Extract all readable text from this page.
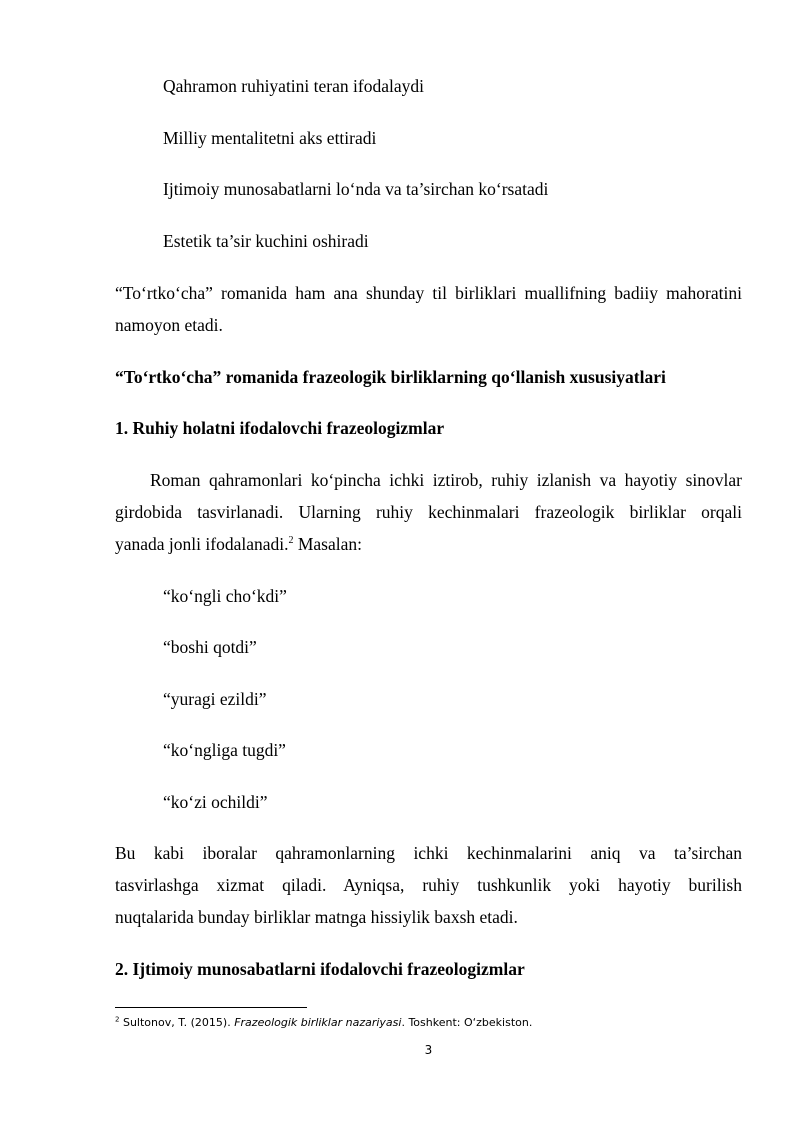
Qahramon ruhiyatini teran ifodalaydi
Milliy mentalitetni aks ettiradi
Ijtimoiy munosabatlarni lo‘nda va ta’sirchan ko‘rsatadi
Estetik ta’sir kuchini oshiradi
“To‘rtko‘cha” romanida ham ana shunday til birliklari muallifning badiiy mahoratini
namoyon etadi.
“To‘rtko‘cha” romanida frazeologik birliklarning qo‘llanish xususiyatlari
1. Ruhiy holatni ifodalovchi frazeologizmlar
Roman qahramonlari ko‘pincha ichki iztirob, ruhiy izlanish va hayotiy sinovlar
girdobida tasvirlanadi. Ularning ruhiy kechinmalari frazeologik birliklar orqali
yanada jonli ifodalanadi.$^2$ Masalan:
“ko‘ngli cho‘kdi”
“boshi qotdi”
“yuragi ezildi”
“ko‘ngliga tugdi”
“ko‘zi ochildi”
Bu kabi iboralar qahramonlarning ichki kechinmalarini aniq va ta’sirchan
tasvirlashga xizmat qiladi. Ayniqsa, ruhiy tushkunlik yoki hayotiy burilish
nuqtalarida bunday birliklar matnga hissiylik baxsh etadi.
2. Ijtimoiy munosabatlarni ifodalovchi frazeologizmlar
$^2$ Sultonov, T. (2015). Frazeologik birliklar nazariyasi. Toshkent: O‘zbekiston.
3
